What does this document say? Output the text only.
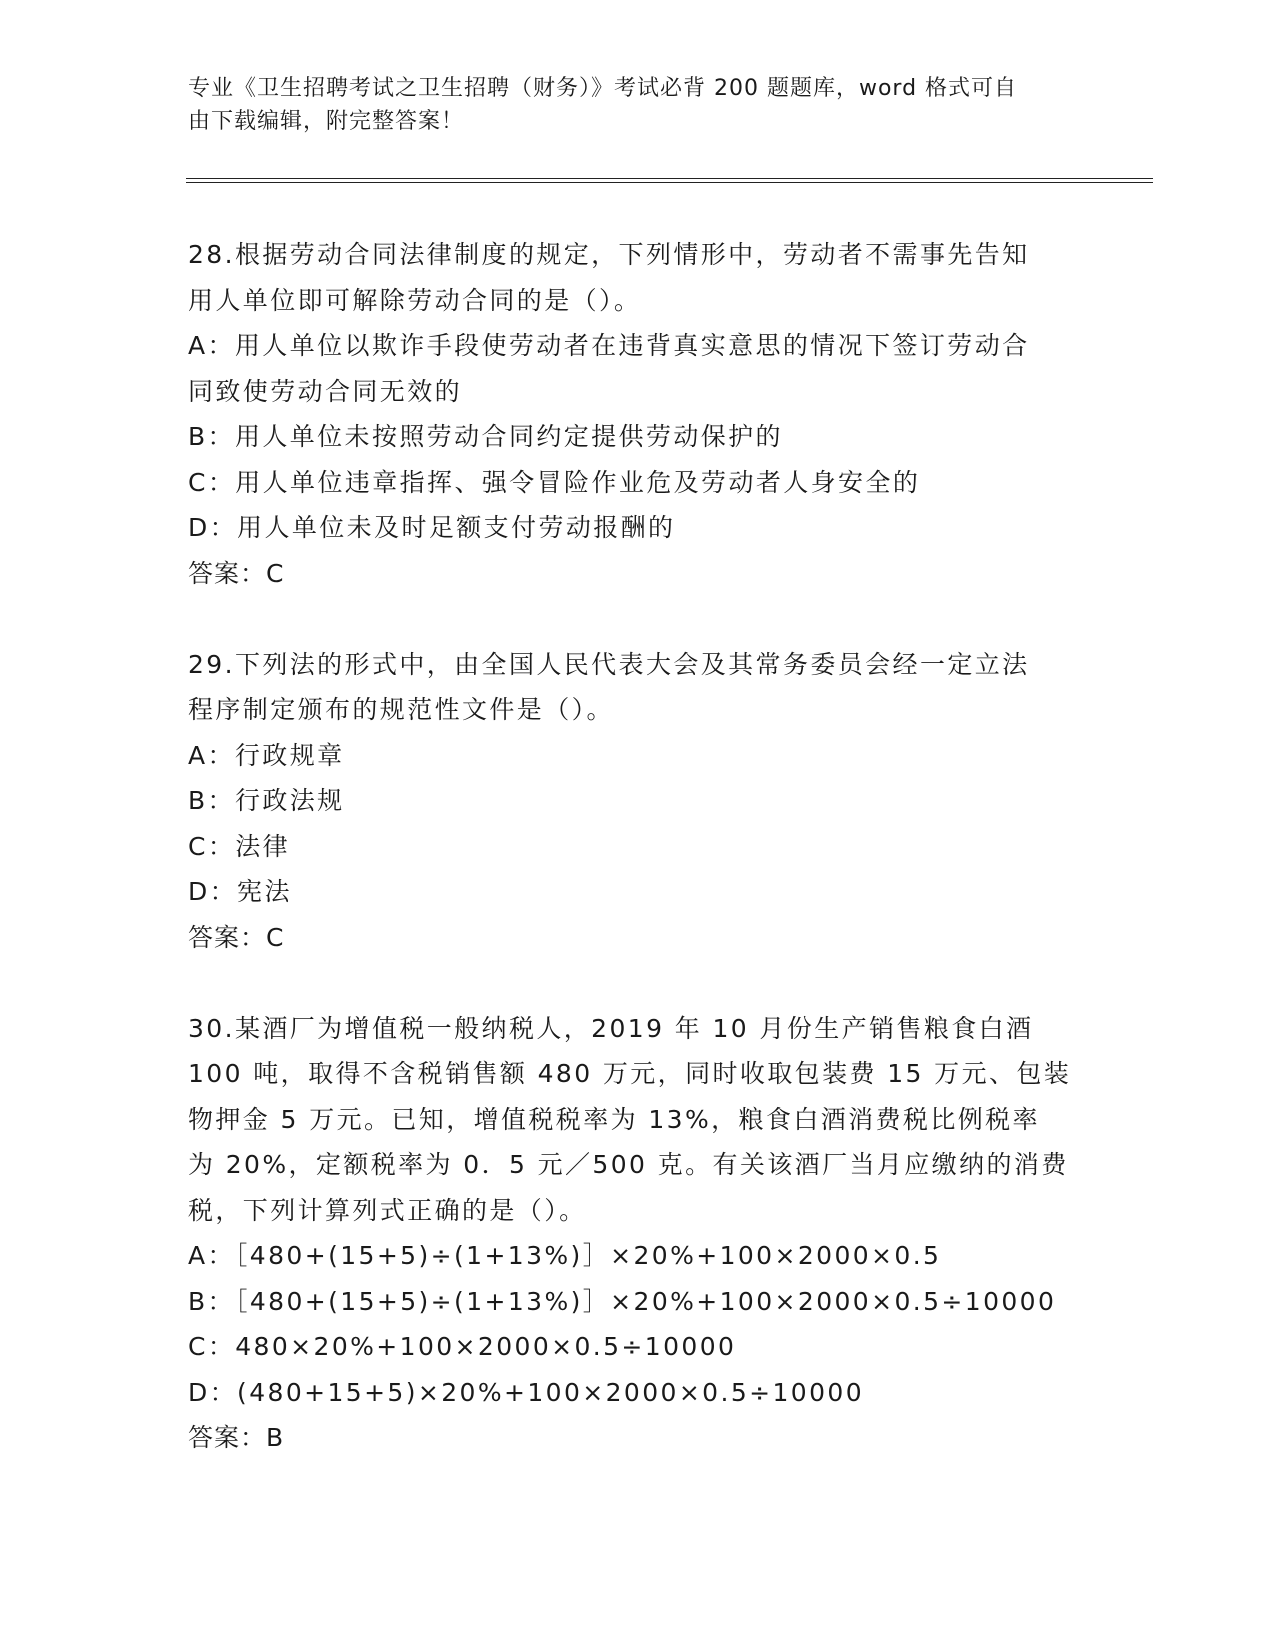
专业《卫生招聘考试之卫生招聘（财务）》考试必背 200 题题库，word 格式可自
由下载编辑，附完整答案！
28.根据劳动合同法律制度的规定，下列情形中，劳动者不需事先告知
用人单位即可解除劳动合同的是（）。
A：用人单位以欺诈手段使劳动者在违背真实意思的情况下签订劳动合
同致使劳动合同无效的
B：用人单位未按照劳动合同约定提供劳动保护的
C：用人单位违章指挥、强令冒险作业危及劳动者人身安全的
D：用人单位未及时足额支付劳动报酬的
答案：C
29.下列法的形式中，由全国人民代表大会及其常务委员会经一定立法
程序制定颁布的规范性文件是（）。
A：行政规章
B：行政法规
C：法律
D：宪法
答案：C
30.某酒厂为增值税一般纳税人，2019 年 10 月份生产销售粮食白酒
100 吨，取得不含税销售额 480 万元，同时收取包装费 15 万元、包装
物押金 5 万元。已知，增值税税率为 13%，粮食白酒消费税比例税率
为 20%，定额税率为 0．5 元／500 克。有关该酒厂当月应缴纳的消费
税，下列计算列式正确的是（）。
A：［480+(15+5)÷(1+13%)］×20%+100×2000×0.5
B：［480+(15+5)÷(1+13%)］×20%+100×2000×0.5÷10000
C：480×20%+100×2000×0.5÷10000
D：(480+15+5)×20%+100×2000×0.5÷10000
答案：B
